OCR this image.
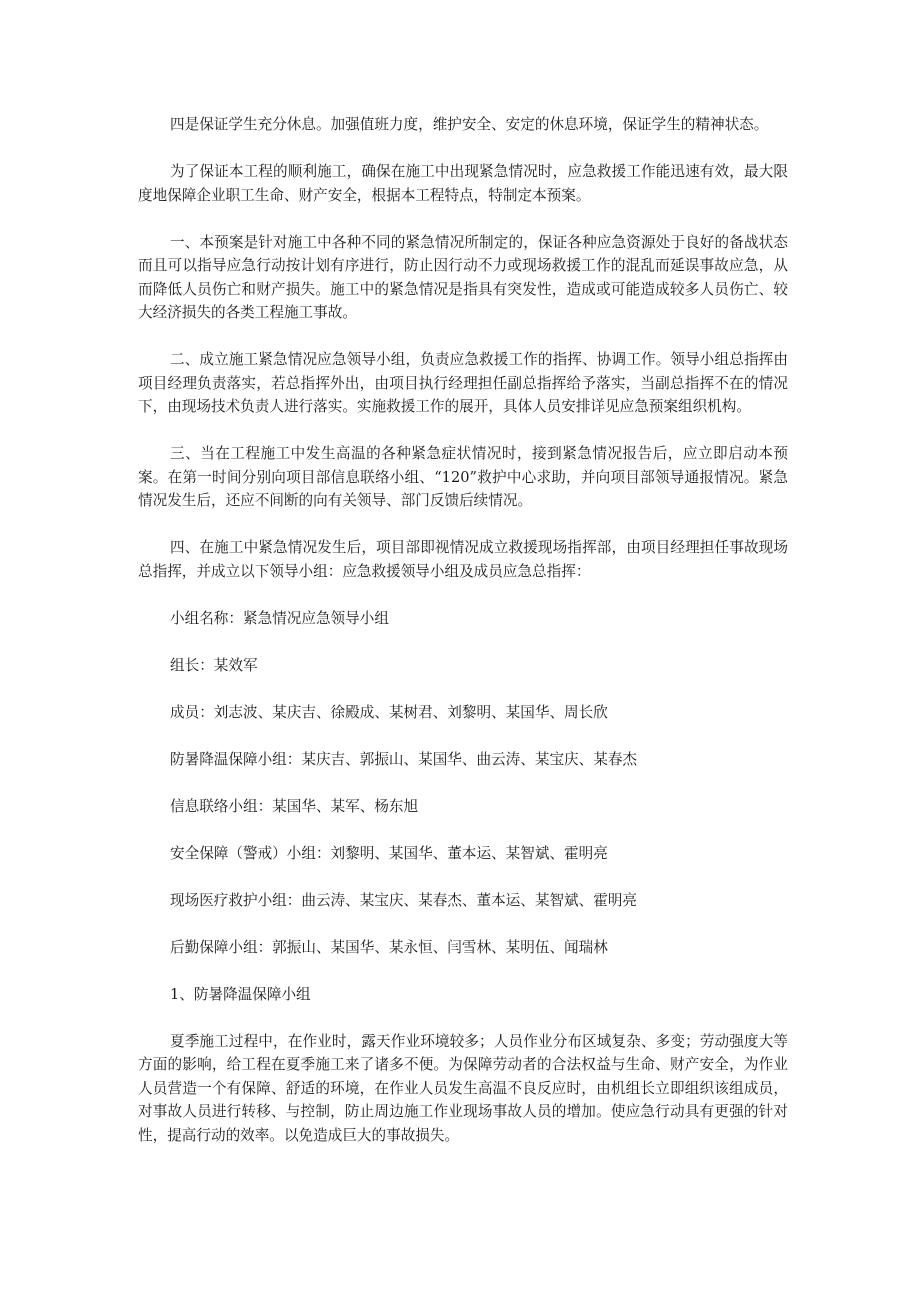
四是保证学生充分休息。加强值班力度，维护安全、安定的休息环境，保证学生的精神状态。

为了保证本工程的顺利施工，确保在施工中出现紧急情况时，应急救援工作能迅速有效，最大限度地保障企业职工生命、财产安全，根据本工程特点，特制定本预案。

一、本预案是针对施工中各种不同的紧急情况所制定的，保证各种应急资源处于良好的备战状态而且可以指导应急行动按计划有序进行，防止因行动不力或现场救援工作的混乱而延误事故应急，从而降低人员伤亡和财产损失。施工中的紧急情况是指具有突发性，造成或可能造成较多人员伤亡、较大经济损失的各类工程施工事故。

二、成立施工紧急情况应急领导小组，负责应急救援工作的指挥、协调工作。领导小组总指挥由项目经理负责落实，若总指挥外出，由项目执行经理担任副总指挥给予落实，当副总指挥不在的情况下，由现场技术负责人进行落实。实施救援工作的展开，具体人员安排详见应急预案组织机构。

三、当在工程施工中发生高温的各种紧急症状情况时，接到紧急情况报告后，应立即启动本预案。在第一时间分别向项目部信息联络小组、“120”救护中心求助，并向项目部领导通报情况。紧急情况发生后，还应不间断的向有关领导、部门反馈后续情况。

四、在施工中紧急情况发生后，项目部即视情况成立救援现场指挥部，由项目经理担任事故现场总指挥，并成立以下领导小组：应急救援领导小组及成员应急总指挥：

小组名称：紧急情况应急领导小组

组长：某效军

成员：刘志波、某庆吉、徐殿成、某树君、刘黎明、某国华、周长欣

防暑降温保障小组：某庆吉、郭振山、某国华、曲云涛、某宝庆、某春杰

信息联络小组：某国华、某军、杨东旭

安全保障（警戒）小组：刘黎明、某国华、董本运、某智斌、霍明亮

现场医疗救护小组：曲云涛、某宝庆、某春杰、董本运、某智斌、霍明亮

后勤保障小组：郭振山、某国华、某永恒、闫雪林、某明伍、闻瑞林

1、防暑降温保障小组

夏季施工过程中，在作业时，露天作业环境较多；人员作业分布区域复杂、多变；劳动强度大等方面的影响，给工程在夏季施工来了诸多不便。为保障劳动者的合法权益与生命、财产安全，为作业人员营造一个有保障、舒适的环境，在作业人员发生高温不良反应时，由机组长立即组织该组成员，对事故人员进行转移、与控制，防止周边施工作业现场事故人员的增加。使应急行动具有更强的针对性，提高行动的效率。以免造成巨大的事故损失。
